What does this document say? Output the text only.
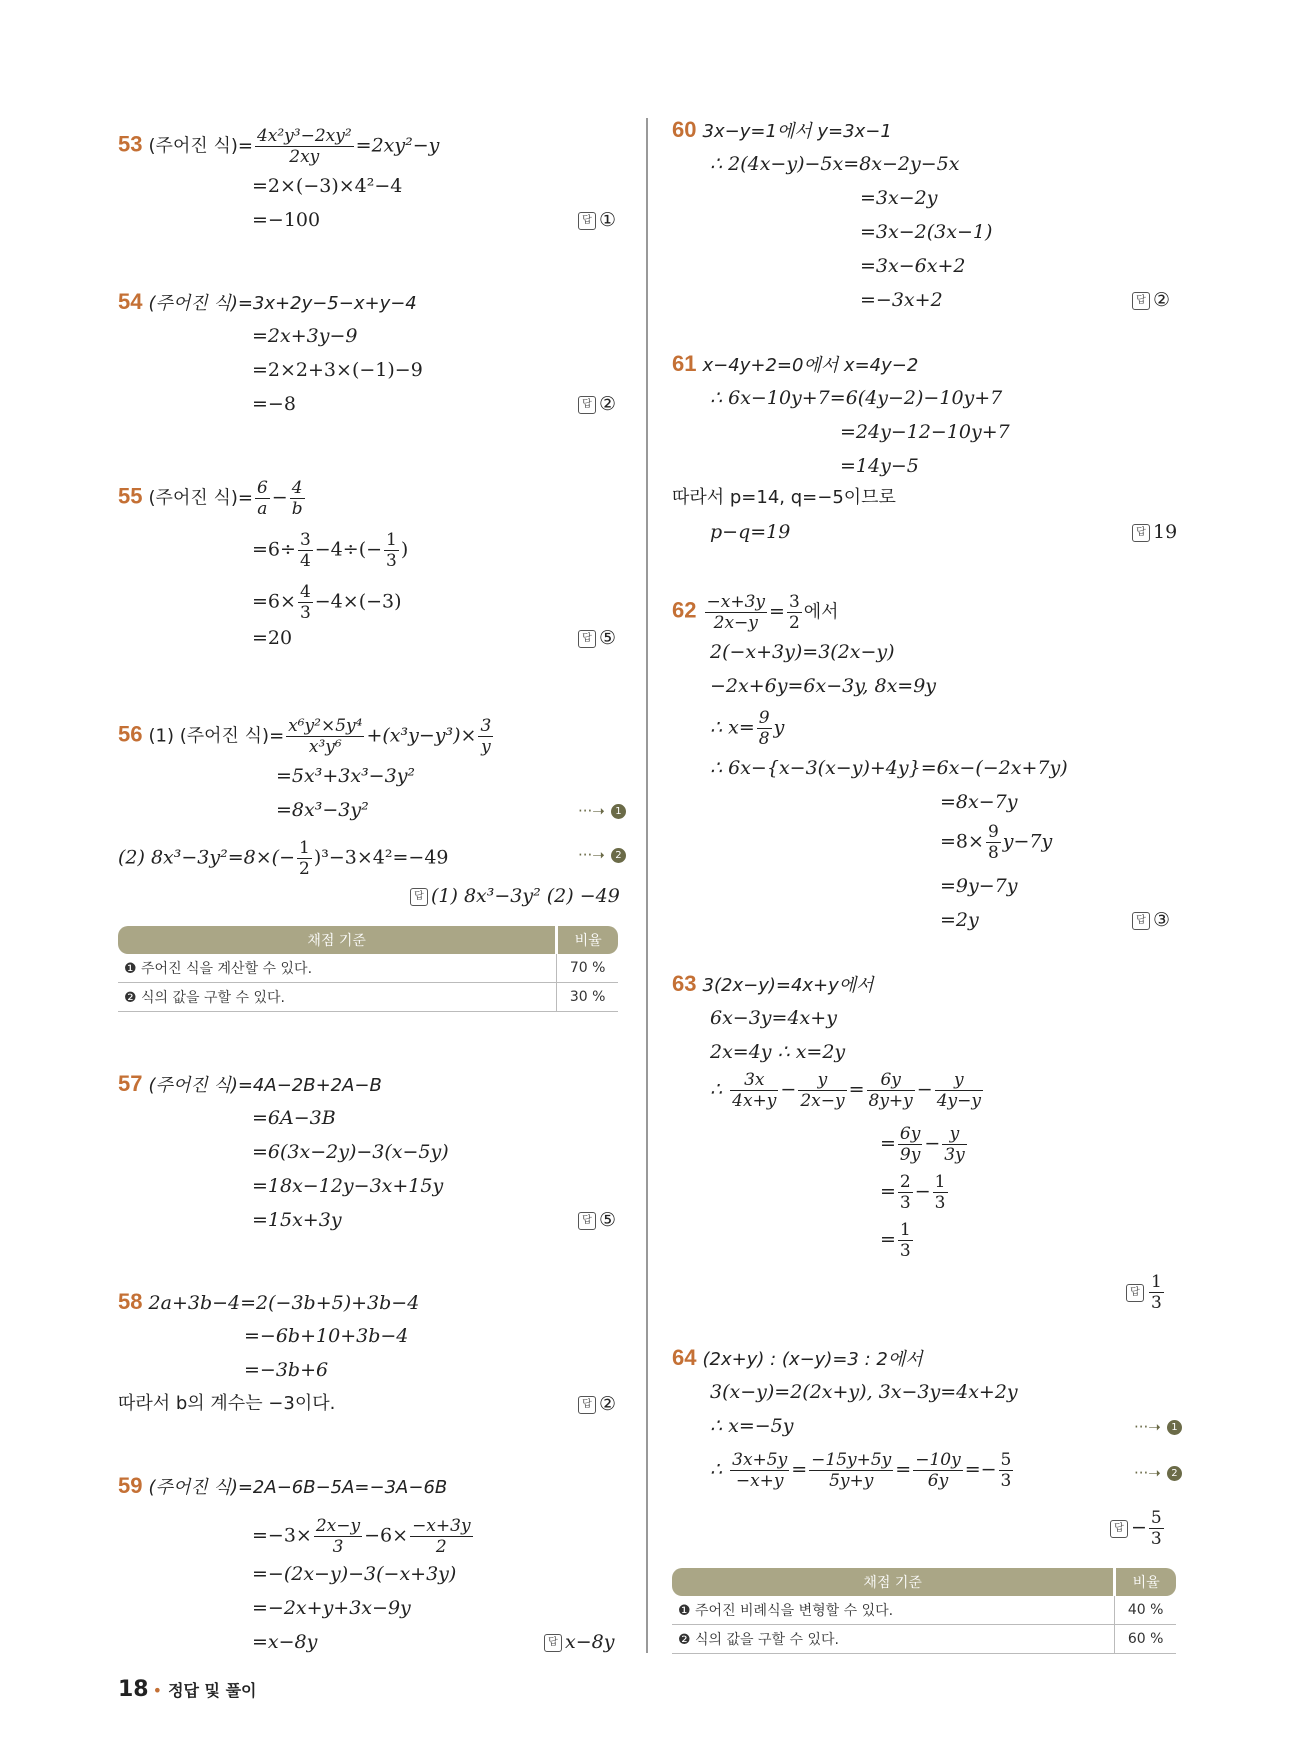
53 (주어진 식)= $\frac{\text{4x²y³−2xy²}}{2xy} =2xy^2-y$
=2×(−3)×4²−4
=−100	답 ①
54 (주어진 식)=3x+2y−5−x+y−4
=2x+3y−9
=2×2+3×(−1)−9
=−8	답 ②
55 (주어진 식)= $\frac{6}{a} - \frac{4}{b}$
$=6\div \frac{3}{4} -4\div(- \frac{1}{3}$ )
$=6\times \frac{4}{3} -4\times(-3)$
=20	답 ⑤
56 (1) (주어진 식)= $\frac{\text{x⁶y²×5y⁴}}{\text{x³y⁶}} +(x^3y-y^3)\times \frac{3}{y}$
=5x³+3x³−3y²
=8x³−3y²	···➝ 1
(2) $8x^3-3y^2=8\times(- \frac{1}{2} )^3-3\times 4^2=-49$	···➝ 2
답 (1) 8x³−3y² (2) −49
채점 기준	비율
❶ 주어진 식을 계산할 수 있다.	70 %
❷ 식의 값을 구할 수 있다.	30 %
57 (주어진 식)=4A−2B+2A−B
=6A−3B
=6(3x−2y)−3(x−5y)
=18x−12y−3x+15y
=15x+3y	답 ⑤
58 2a+3b−4=2(−3b+5)+3b−4
=−6b+10+3b−4
=−3b+6
따라서 b의 계수는 −3이다.	답 ②
59 (주어진 식)=2A−6B−5A=−3A−6B
$=-3\times \frac{2x-y}{3} -6\times \frac{-x+3y}{2}$
=−(2x−y)−3(−x+3y)
=−2x+y+3x−9y
=x−8y	답 x−8y
60 3x−y=1에서 y=3x−1
∴ 2(4x−y)−5x=8x−2y−5x
=3x−2y
=3x−2(3x−1)
=3x−6x+2
=−3x+2	답 ②
61 x−4y+2=0에서 x=4y−2
∴ 6x−10y+7=6(4y−2)−10y+7
=24y−12−10y+7
=14y−5
따라서 p=14, q=−5이므로
p−q=19	답 19
$62 \frac{-x+3y}{2x-y} = \frac{3}{2}$ 에서
2(−x+3y)=3(2x−y)
−2x+6y=6x−3y, 8x=9y
∴ $x= \frac{9}{8}$ y
∴ 6x−{x−3(x−y)+4y}=6x−(−2x+7y)
=8x−7y
$=8\times \frac{9}{8} y-7y$
=9y−7y
=2y	답 ③
63 3(2x−y)=4x+y에서
6x−3y=4x+y
2x=4y ∴ x=2y
∴ $\frac{3x}{4x+y} - \frac{y}{2x-y} = \frac{6y}{8y+y} - \frac{y}{4y-y}$
= $\frac{6y}{9y} - \frac{y}{3y}$
= $\frac{2}{3} - \frac{1}{3}$
= $\frac{1}{3}$
답 $\frac{1}{3}$
64 (2x+y) : (x−y)=3 : 2에서
3(x−y)=2(2x+y), 3x−3y=4x+2y
∴ x=−5y	···➝ 1
∴ $\frac{3x+5y}{-x+y} = \frac{-15y+5y}{5y+y} = \frac{-10y}{6y} =- \frac{5}{3}$	···➝ 2
답 − $\frac{5}{3}$
채점 기준	비율
❶ 주어진 비례식을 변형할 수 있다.	40 %
❷ 식의 값을 구할 수 있다.	60 %
18 • 정답 및 풀이
